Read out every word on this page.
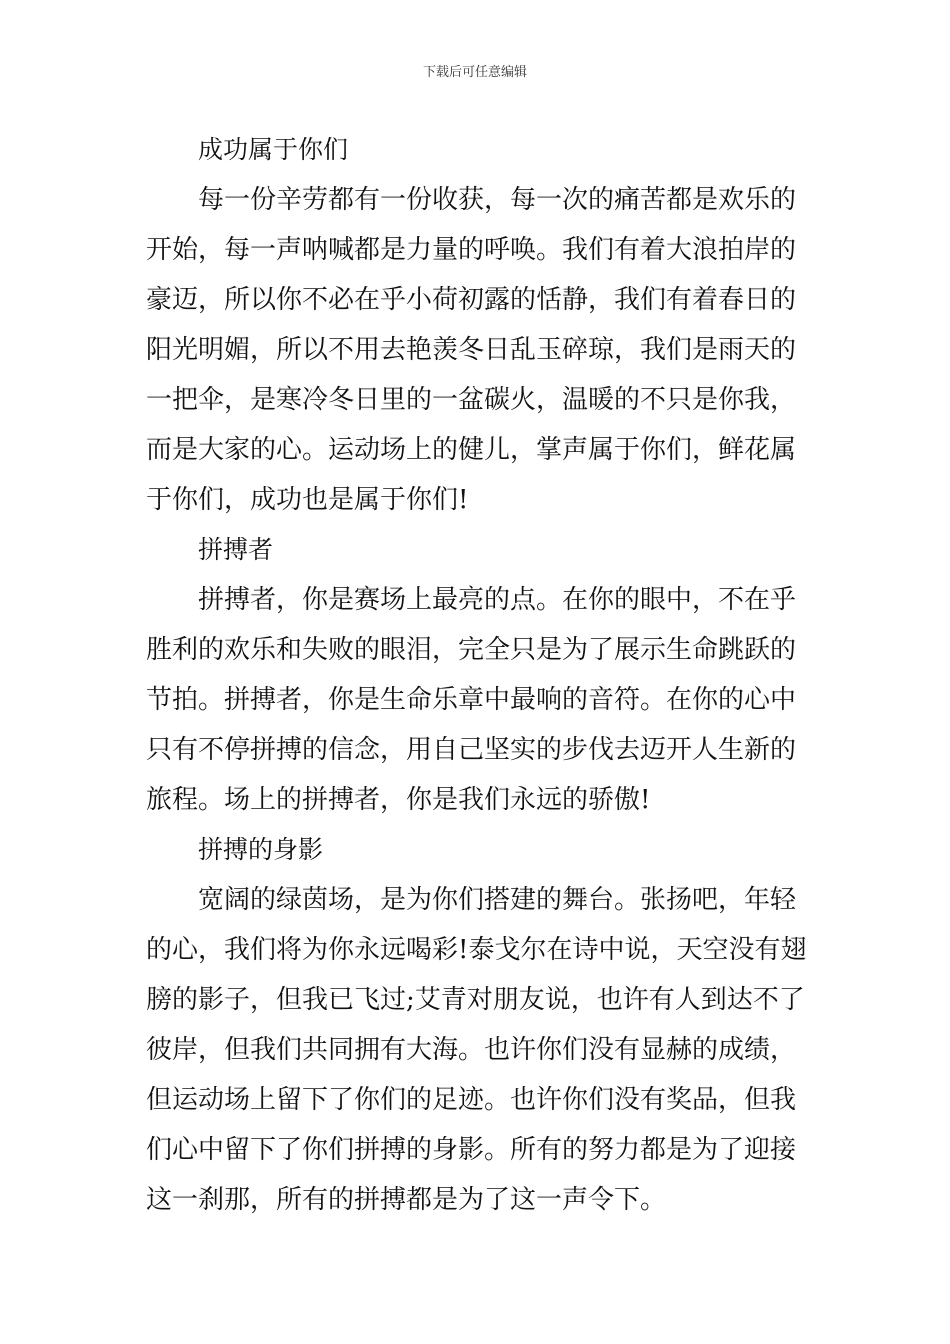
下载后可任意编辑
成功属于你们
每一份辛劳都有一份收获，每一次的痛苦都是欢乐的
开始，每一声呐喊都是力量的呼唤。我们有着大浪拍岸的
豪迈，所以你不必在乎小荷初露的恬静，我们有着春日的
阳光明媚，所以不用去艳羡冬日乱玉碎琼，我们是雨天的
一把伞，是寒冷冬日里的一盆碳火，温暖的不只是你我，
而是大家的心。运动场上的健儿，掌声属于你们，鲜花属
于你们，成功也是属于你们!
拼搏者
拼搏者，你是赛场上最亮的点。在你的眼中，不在乎
胜利的欢乐和失败的眼泪，完全只是为了展示生命跳跃的
节拍。拼搏者，你是生命乐章中最响的音符。在你的心中
只有不停拼搏的信念，用自己坚实的步伐去迈开人生新的
旅程。场上的拼搏者，你是我们永远的骄傲!
拼搏的身影
宽阔的绿茵场，是为你们搭建的舞台。张扬吧，年轻
的心，我们将为你永远喝彩!泰戈尔在诗中说，天空没有翅
膀的影子，但我已飞过;艾青对朋友说，也许有人到达不了
彼岸，但我们共同拥有大海。也许你们没有显赫的成绩，
但运动场上留下了你们的足迹。也许你们没有奖品，但我
们心中留下了你们拼搏的身影。所有的努力都是为了迎接
这一刹那，所有的拼搏都是为了这一声令下。
